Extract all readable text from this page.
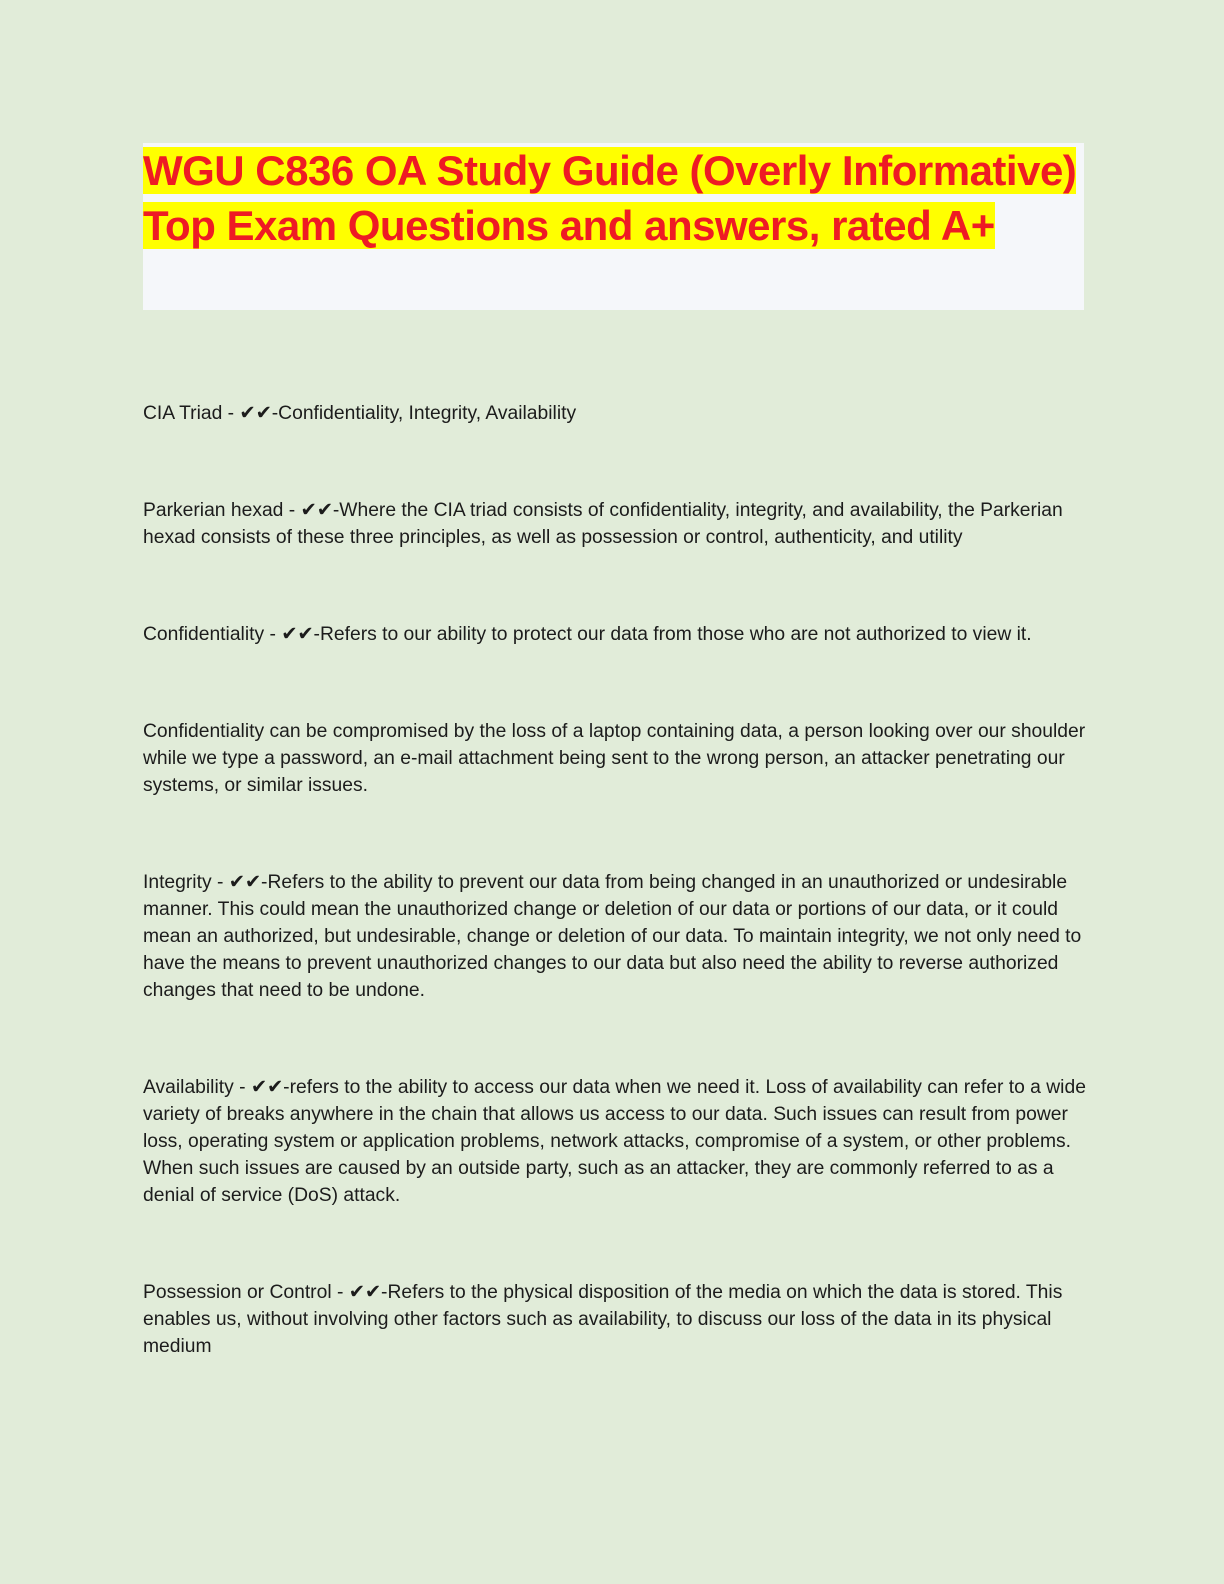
WGU C836 OA Study Guide (Overly Informative) Top Exam Questions and answers, rated A+

CIA Triad - ✔✔-Confidentiality, Integrity, Availability

Parkerian hexad - ✔✔-Where the CIA triad consists of confidentiality, integrity, and availability, the Parkerian hexad consists of these three principles, as well as possession or control, authenticity, and utility

Confidentiality - ✔✔-Refers to our ability to protect our data from those who are not authorized to view it.

Confidentiality can be compromised by the loss of a laptop containing data, a person looking over our shoulder while we type a password, an e-mail attachment being sent to the wrong person, an attacker penetrating our systems, or similar issues.

Integrity - ✔✔-Refers to the ability to prevent our data from being changed in an unauthorized or undesirable manner. This could mean the unauthorized change or deletion of our data or portions of our data, or it could mean an authorized, but undesirable, change or deletion of our data. To maintain integrity, we not only need to have the means to prevent unauthorized changes to our data but also need the ability to reverse authorized changes that need to be undone.

Availability - ✔✔-refers to the ability to access our data when we need it. Loss of availability can refer to a wide variety of breaks anywhere in the chain that allows us access to our data. Such issues can result from power loss, operating system or application problems, network attacks, compromise of a system, or other problems. When such issues are caused by an outside party, such as an attacker, they are commonly referred to as a denial of service (DoS) attack.

Possession or Control - ✔✔-Refers to the physical disposition of the media on which the data is stored. This enables us, without involving other factors such as availability, to discuss our loss of the data in its physical medium
